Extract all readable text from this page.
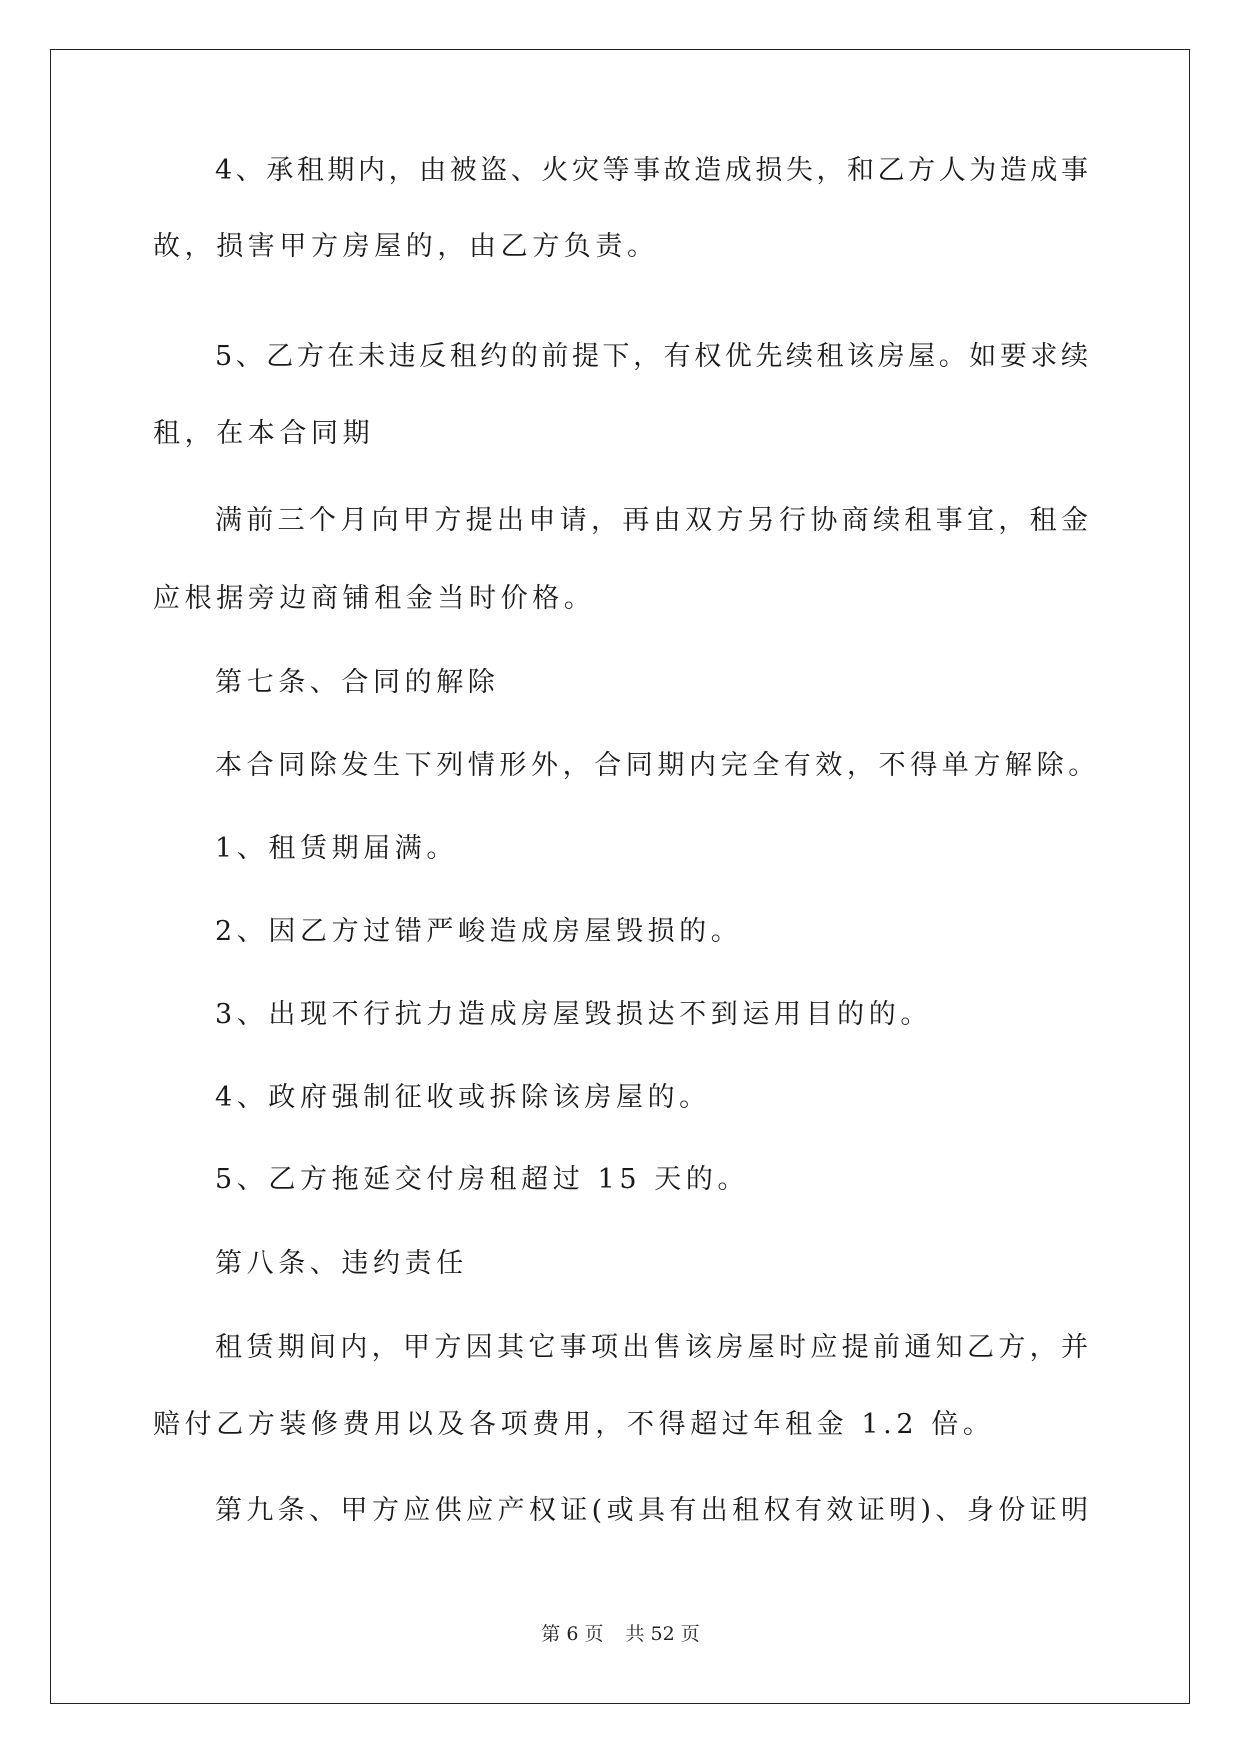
4、承租期内，由被盗、火灾等事故造成损失，和乙方人为造成事
故，损害甲方房屋的，由乙方负责。
5、乙方在未违反租约的前提下，有权优先续租该房屋。如要求续
租，在本合同期
满前三个月向甲方提出申请，再由双方另行协商续租事宜，租金
应根据旁边商铺租金当时价格。
第七条、合同的解除
本合同除发生下列情形外，合同期内完全有效，不得单方解除。
1、租赁期届满。
2、因乙方过错严峻造成房屋毁损的。
3、出现不行抗力造成房屋毁损达不到运用目的的。
4、政府强制征收或拆除该房屋的。
5、乙方拖延交付房租超过 15 天的。
第八条、违约责任
租赁期间内，甲方因其它事项出售该房屋时应提前通知乙方，并
赔付乙方装修费用以及各项费用，不得超过年租金 1.2 倍。
第九条、甲方应供应产权证(或具有出租权有效证明)、身份证明
第 6 页 共 52 页
